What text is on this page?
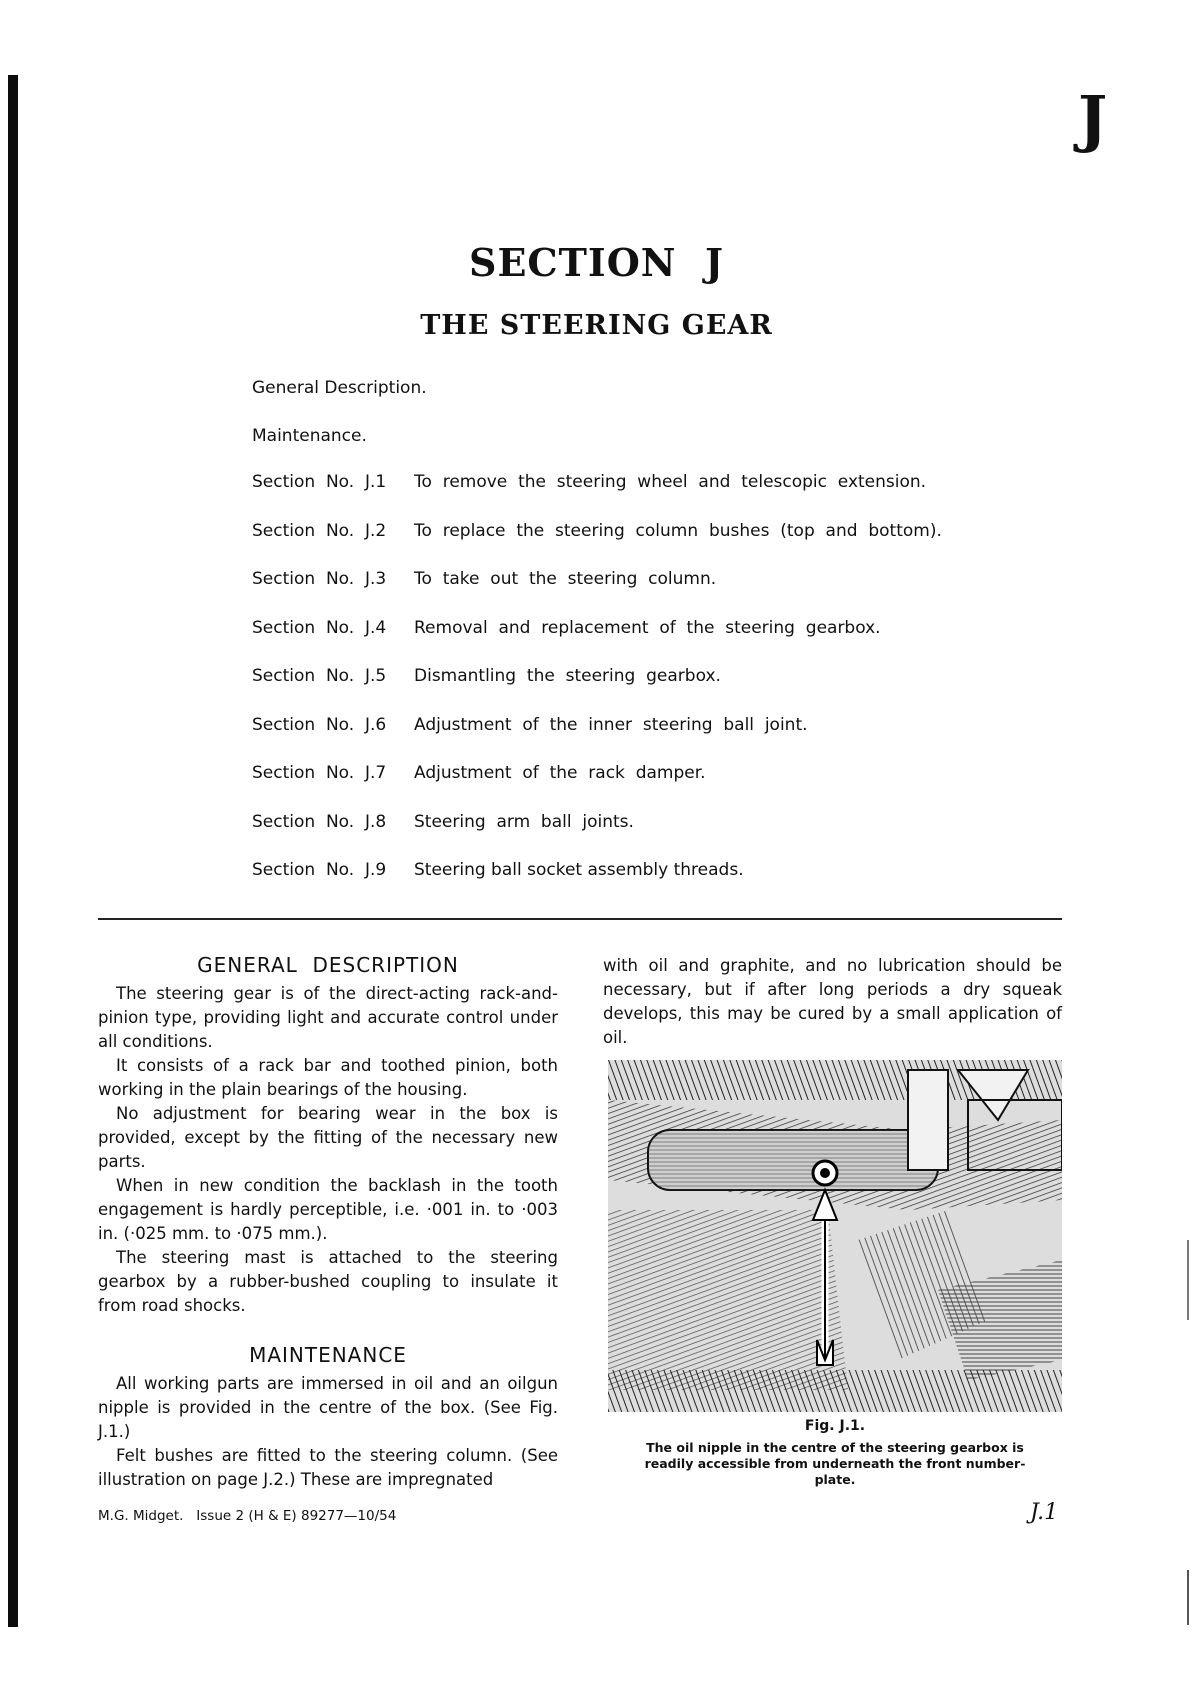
J
SECTION  J
THE STEERING GEAR
General Description.
Maintenance.
Section  No.  J.1	To  remove  the  steering  wheel  and  telescopic  extension.
Section  No.  J.2	To  replace  the  steering  column  bushes  (top  and  bottom).
Section  No.  J.3	To  take  out  the  steering  column.
Section  No.  J.4	Removal  and  replacement  of  the  steering  gearbox.
Section  No.  J.5	Dismantling  the  steering  gearbox.
Section  No.  J.6	Adjustment  of  the  inner  steering  ball  joint.
Section  No.  J.7	Adjustment  of  the  rack  damper.
Section  No.  J.8	Steering  arm  ball  joints.
Section  No.  J.9	Steering ball socket assembly threads.
GENERAL  DESCRIPTION

The steering gear is of the direct-acting rack-and-pinion type, providing light and accurate control under all conditions.

It consists of a rack bar and toothed pinion, both working in the plain bearings of the housing.

No adjustment for bearing wear in the box is provided, except by the fitting of the necessary new parts.

When in new condition the backlash in the tooth engagement is hardly perceptible, i.e. ·001 in. to ·003 in. (·025 mm. to ·075 mm.).

The steering mast is attached to the steering gearbox by a rubber-bushed coupling to insulate it from road shocks.

MAINTENANCE

All working parts are immersed in oil and an oilgun nipple is provided in the centre of the box. (See Fig. J.1.)

Felt bushes are fitted to the steering column. (See illustration on page J.2.) These are impregnated

with oil and graphite, and no lubrication should be necessary, but if after long periods a dry squeak develops, this may be cured by a small application of oil.

Fig. J.1.
The oil nipple in the centre of the steering gearbox is readily accessible from underneath the front number-plate.
M.G. Midget.   Issue 2 (H & E) 89277—10/54	J.1
